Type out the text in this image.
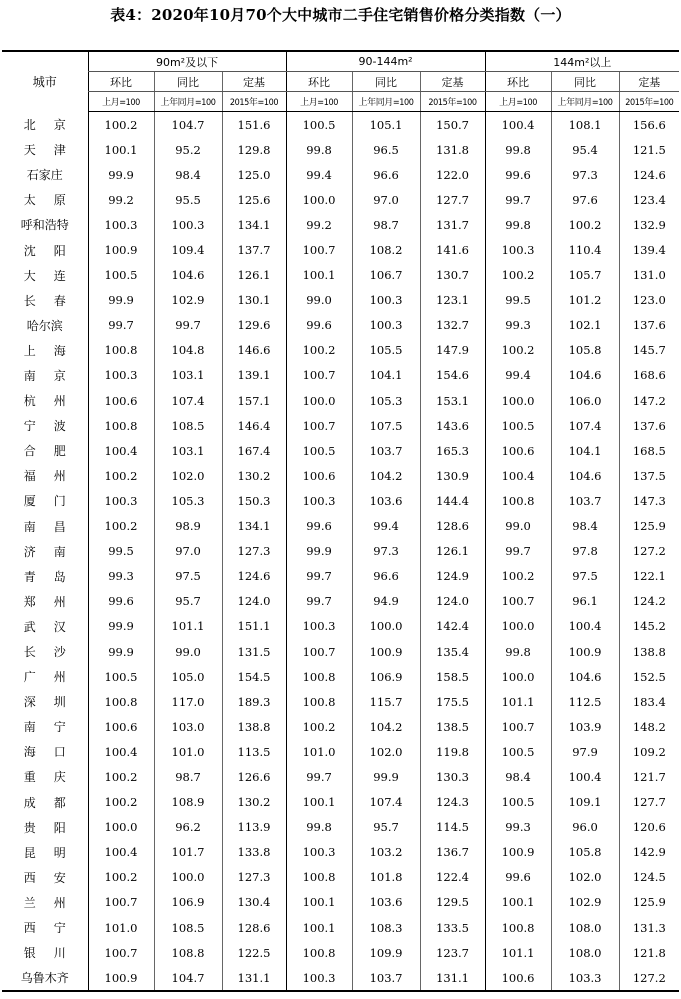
表4：2020年10月70个大中城市二手住宅销售价格分类指数（一）
城市	90m²及以下			90-144m²			144m²以上		
	环比	同比	定基	环比	同比	定基	环比	同比	定基
	上月=100	上年同月=100	2015年=100	上月=100	上年同月=100	2015年=100	上月=100	上年同月=100	2015年=100
北京	100.2	104.7	151.6	100.5	105.1	150.7	100.4	108.1	156.6
天津	100.1	95.2	129.8	99.8	96.5	131.8	99.8	95.4	121.5
石家庄	99.9	98.4	125.0	99.4	96.6	122.0	99.6	97.3	124.6
太原	99.2	95.5	125.6	100.0	97.0	127.7	99.7	97.6	123.4
呼和浩特	100.3	100.3	134.1	99.2	98.7	131.7	99.8	100.2	132.9
沈阳	100.9	109.4	137.7	100.7	108.2	141.6	100.3	110.4	139.4
大连	100.5	104.6	126.1	100.1	106.7	130.7	100.2	105.7	131.0
长春	99.9	102.9	130.1	99.0	100.3	123.1	99.5	101.2	123.0
哈尔滨	99.7	99.7	129.6	99.6	100.3	132.7	99.3	102.1	137.6
上海	100.8	104.8	146.6	100.2	105.5	147.9	100.2	105.8	145.7
南京	100.3	103.1	139.1	100.7	104.1	154.6	99.4	104.6	168.6
杭州	100.6	107.4	157.1	100.0	105.3	153.1	100.0	106.0	147.2
宁波	100.8	108.5	146.4	100.7	107.5	143.6	100.5	107.4	137.6
合肥	100.4	103.1	167.4	100.5	103.7	165.3	100.6	104.1	168.5
福州	100.2	102.0	130.2	100.6	104.2	130.9	100.4	104.6	137.5
厦门	100.3	105.3	150.3	100.3	103.6	144.4	100.8	103.7	147.3
南昌	100.2	98.9	134.1	99.6	99.4	128.6	99.0	98.4	125.9
济南	99.5	97.0	127.3	99.9	97.3	126.1	99.7	97.8	127.2
青岛	99.3	97.5	124.6	99.7	96.6	124.9	100.2	97.5	122.1
郑州	99.6	95.7	124.0	99.7	94.9	124.0	100.7	96.1	124.2
武汉	99.9	101.1	151.1	100.3	100.0	142.4	100.0	100.4	145.2
长沙	99.9	99.0	131.5	100.7	100.9	135.4	99.8	100.9	138.8
广州	100.5	105.0	154.5	100.8	106.9	158.5	100.0	104.6	152.5
深圳	100.8	117.0	189.3	100.8	115.7	175.5	101.1	112.5	183.4
南宁	100.6	103.0	138.8	100.2	104.2	138.5	100.7	103.9	148.2
海口	100.4	101.0	113.5	101.0	102.0	119.8	100.5	97.9	109.2
重庆	100.2	98.7	126.6	99.7	99.9	130.3	98.4	100.4	121.7
成都	100.2	108.9	130.2	100.1	107.4	124.3	100.5	109.1	127.7
贵阳	100.0	96.2	113.9	99.8	95.7	114.5	99.3	96.0	120.6
昆明	100.4	101.7	133.8	100.3	103.2	136.7	100.9	105.8	142.9
西安	100.2	100.0	127.3	100.8	101.8	122.4	99.6	102.0	124.5
兰州	100.7	106.9	130.4	100.1	103.6	129.5	100.1	102.9	125.9
西宁	101.0	108.5	128.6	100.1	108.3	133.5	100.8	108.0	131.3
银川	100.7	108.8	122.5	100.8	109.9	123.7	101.1	108.0	121.8
乌鲁木齐	100.9	104.7	131.1	100.3	103.7	131.1	100.6	103.3	127.2
